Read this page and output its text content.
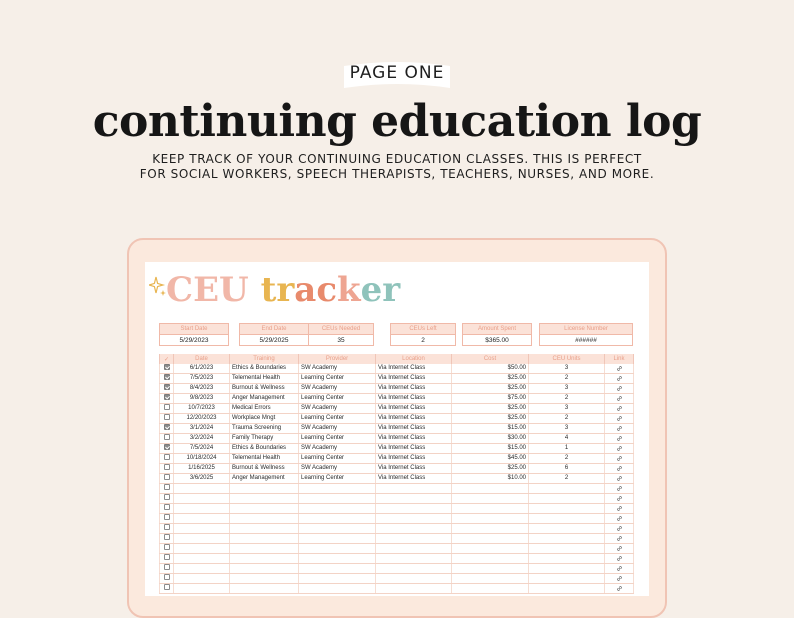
PAGE ONE
continuing education log
KEEP TRACK OF YOUR CONTINUING EDUCATION CLASSES. THIS IS PERFECT
FOR SOCIAL WORKERS, SPEECH THERAPISTS, TEACHERS, NURSES, AND MORE.
CEU tracker
Start Date
5/29/2023
End Date
5/29/2025
CEUs Needed
35
CEUs Left
2
Amount Spent
$365.00
License Number
######
✓	Date	Training	Provider	Location	Cost	CEU Units	Link
	6/1/2023	Ethics & Boundaries	SW Academy	Via Internet Class	$50.00	3	

	7/5/2023	Telemental Health	Learning Center	Via Internet Class	$25.00	2	

	8/4/2023	Burnout & Wellness	SW Academy	Via Internet Class	$25.00	3	

	9/8/2023	Anger Management	Learning Center	Via Internet Class	$75.00	2	

	10/7/2023	Medical Errors	SW Academy	Via Internet Class	$25.00	3	

	12/20/2023	Workplace Mngt	Learning Center	Via Internet Class	$25.00	2	

	3/1/2024	Trauma Screening	SW Academy	Via Internet Class	$15.00	3	

	3/2/2024	Family Therapy	Learning Center	Via Internet Class	$30.00	4	

	7/5/2024	Ethics & Boundaries	SW Academy	Via Internet Class	$15.00	1	

	10/18/2024	Telemental Health	Learning Center	Via Internet Class	$45.00	2	

	1/16/2025	Burnout & Wellness	SW Academy	Via Internet Class	$25.00	6	

	3/6/2025	Anger Management	Learning Center	Via Internet Class	$10.00	2	
